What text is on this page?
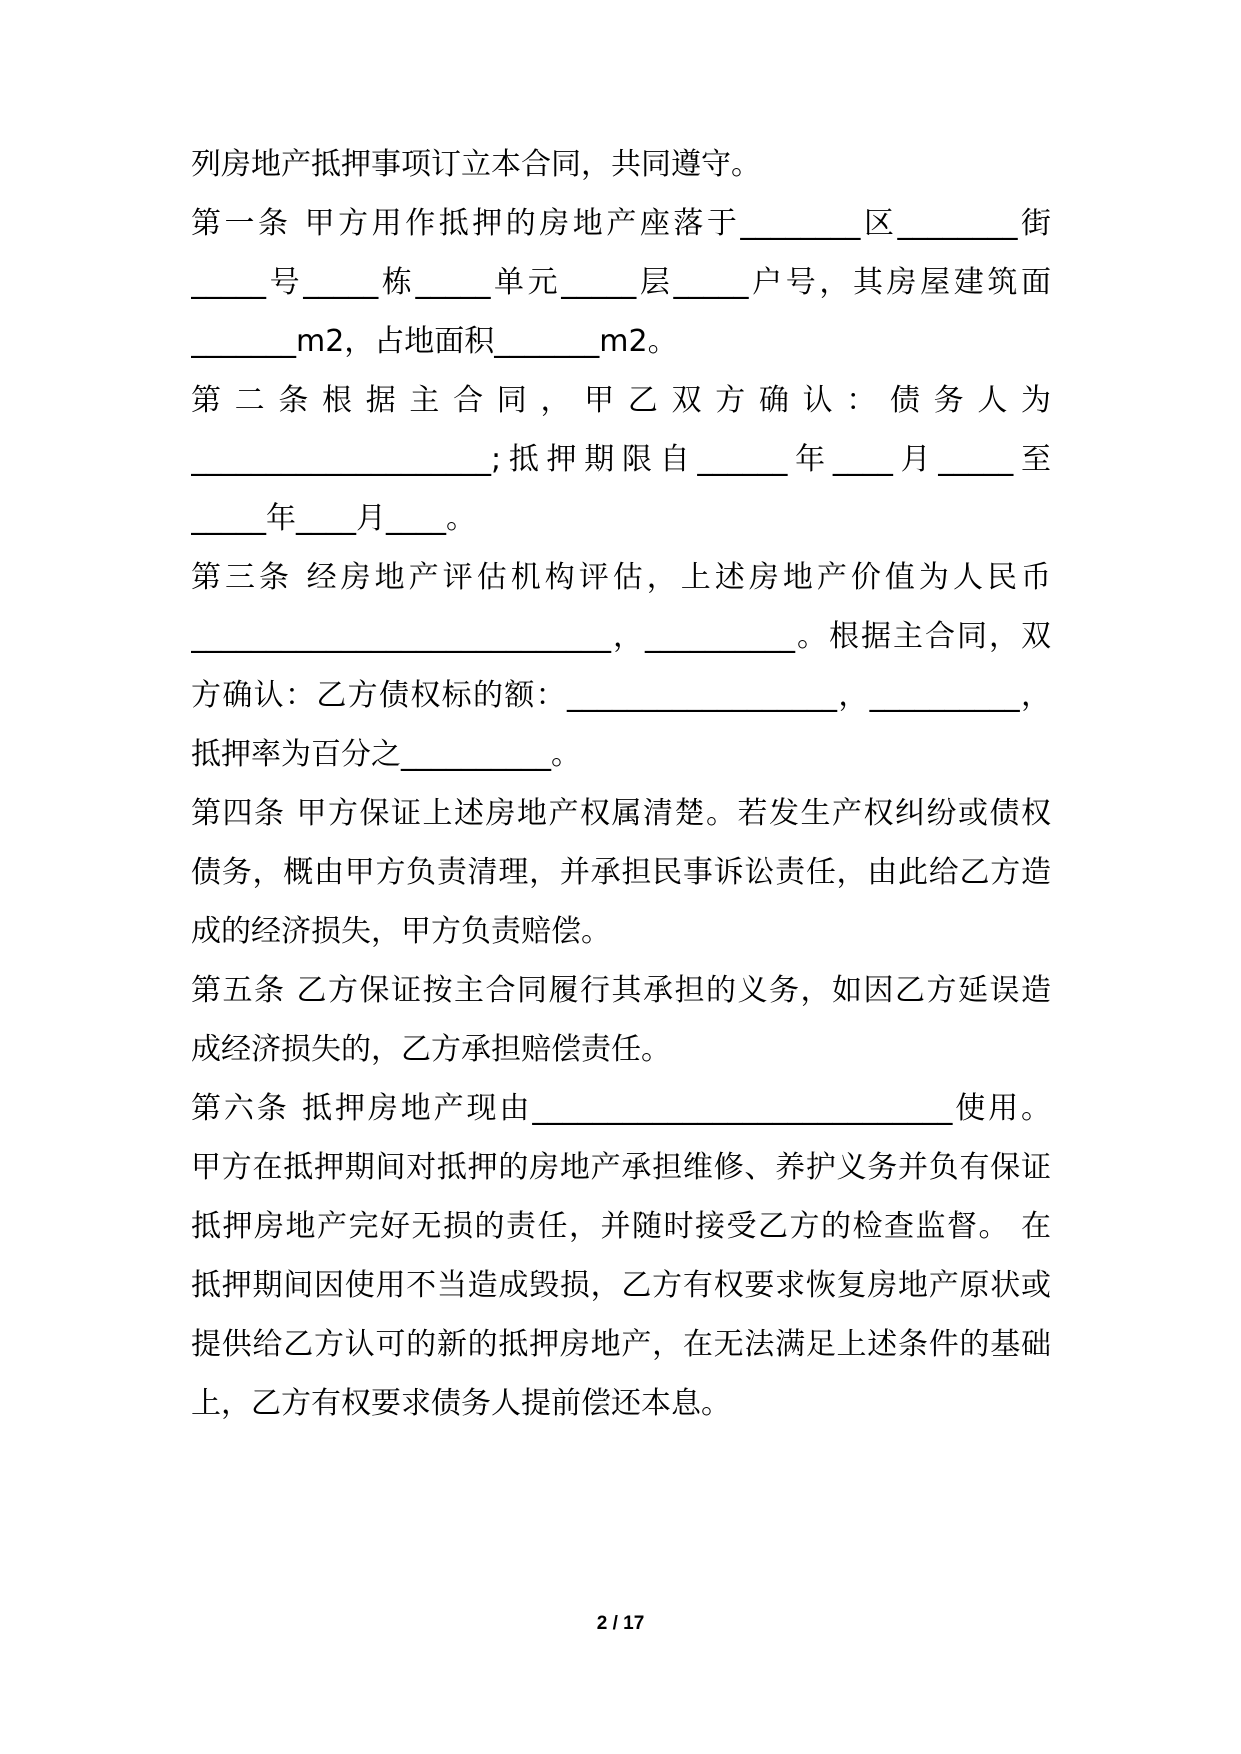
列房地产抵押事项订立本合同，共同遵守。
第一条 甲方用作抵押的房地产座落于________区________街
_____号_____栋_____单元_____层_____户号，其房屋建筑面
_______m2，占地面积_______m2。
第 二 条 根 据 主 合 同 ， 甲 乙 双 方 确 认 ： 债 务 人 为
____________________;抵押期限自______年____月_____至
_____年____月____。
第三条 经房地产评估机构评估，上述房地产价值为人民币
____________________________，__________。根据主合同，双
方确认：乙方债权标的额：__________________，__________，
抵押率为百分之__________。
第四条 甲方保证上述房地产权属清楚。若发生产权纠纷或债权
债务，概由甲方负责清理，并承担民事诉讼责任，由此给乙方造
成的经济损失，甲方负责赔偿。
第五条 乙方保证按主合同履行其承担的义务，如因乙方延误造
成经济损失的，乙方承担赔偿责任。
第六条 抵押房地产现由____________________________使用。
甲方在抵押期间对抵押的房地产承担维修、养护义务并负有保证
抵押房地产完好无损的责任，并随时接受乙方的检查监督。 在
抵押期间因使用不当造成毁损，乙方有权要求恢复房地产原状或
提供给乙方认可的新的抵押房地产，在无法满足上述条件的基础
上，乙方有权要求债务人提前偿还本息。
2 / 17
